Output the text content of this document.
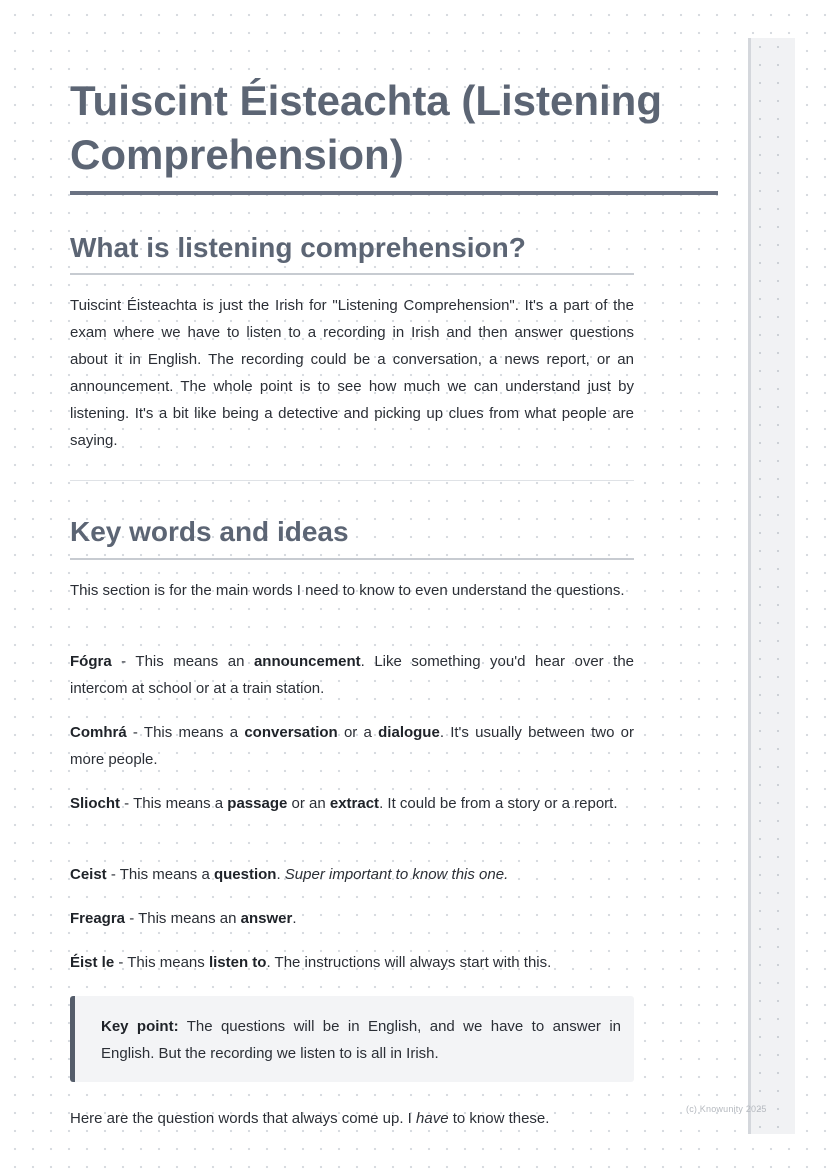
(c) Knowunity 2025
Tuiscint Éisteachta (Listening Comprehension)
What is listening comprehension?

Tuiscint Éisteachta is just the Irish for "Listening Comprehension". It's a part of the exam where we have to listen to a recording in Irish and then answer questions about it in English. The recording could be a conversation, a news report, or an announcement. The whole point is to see how much we can understand just by listening. It's a bit like being a detective and picking up clues from what people are saying.

Key words and ideas

This section is for the main words I need to know to even understand the questions.

Fógra - This means an announcement. Like something you'd hear over the intercom at school or at a train station.

Comhrá - This means a conversation or a dialogue. It's usually between two or more people.

Sliocht - This means a passage or an extract. It could be from a story or a report.

Ceist - This means a question. Super important to know this one.

Freagra - This means an answer.

Éist le - This means listen to. The instructions will always start with this.

Key point: The questions will be in English, and we have to answer in English. But the recording we listen to is all in Irish.

Here are the question words that always come up. I have to know these.
